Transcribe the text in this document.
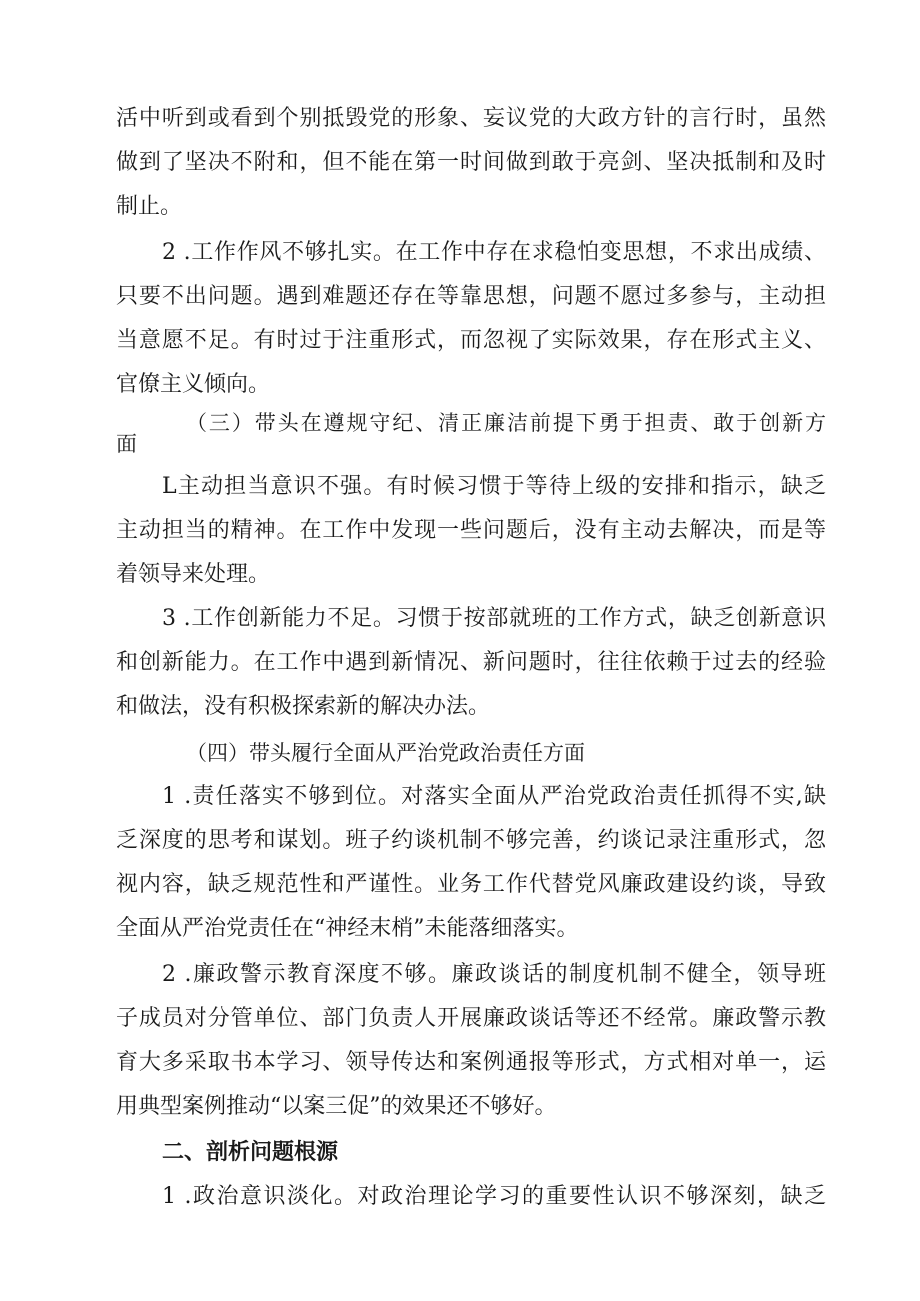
活中听到或看到个别抵毁党的形象、妄议党的大政方针的言行时，虽然
做到了坚决不附和，但不能在第一时间做到敢于亮剑、坚决抵制和及时
制止。
2 .工作作风不够扎实。在工作中存在求稳怕变思想，不求出成绩、
只要不出问题。遇到难题还存在等靠思想，问题不愿过多参与，主动担
当意愿不足。有时过于注重形式，而忽视了实际效果，存在形式主义、
官僚主义倾向。
（三）带头在遵规守纪、清正廉洁前提下勇于担责、敢于创新方
面
L主动担当意识不强。有时候习惯于等待上级的安排和指示，缺乏
主动担当的精神。在工作中发现一些问题后，没有主动去解决，而是等
着领导来处理。
3 .工作创新能力不足。习惯于按部就班的工作方式，缺乏创新意识
和创新能力。在工作中遇到新情况、新问题时，往往依赖于过去的经验
和做法，没有积极探索新的解决办法。
（四）带头履行全面从严治党政治责任方面
1 .责任落实不够到位。对落实全面从严治党政治责任抓得不实,缺
乏深度的思考和谋划。班子约谈机制不够完善，约谈记录注重形式，忽
视内容，缺乏规范性和严谨性。业务工作代替党风廉政建设约谈，导致
全面从严治党责任在“神经末梢”未能落细落实。
2 .廉政警示教育深度不够。廉政谈话的制度机制不健全，领导班
子成员对分管单位、部门负责人开展廉政谈话等还不经常。廉政警示教
育大多采取书本学习、领导传达和案例通报等形式，方式相对单一，运
用典型案例推动“以案三促”的效果还不够好。
二、剖析问题根源
1 .政治意识淡化。对政治理论学习的重要性认识不够深刻，缺乏
